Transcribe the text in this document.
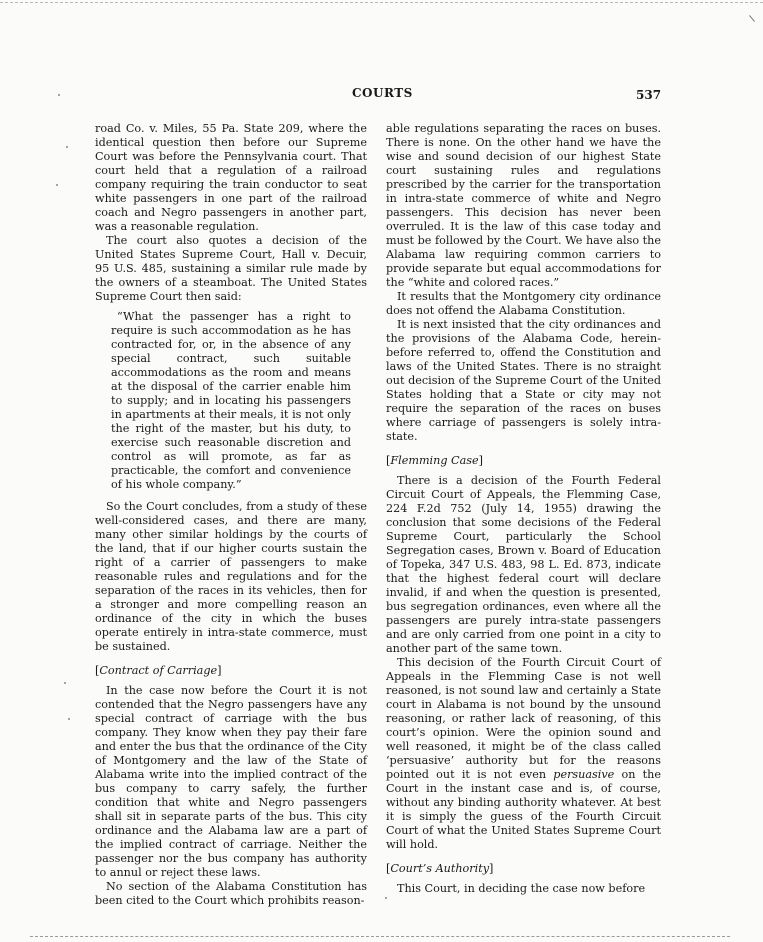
COURTS	537

road Co. v. Miles, 55 Pa. State 209, where the identical question then before our Supreme Court was before the Pennsylvania court. That court held that a regulation of a railroad company requiring the train conductor to seat white passengers in one part of the railroad coach and Negro passengers in another part, was a reasonable regulation.

The court also quotes a decision of the United States Supreme Court, Hall v. Decuir, 95 U.S. 485, sustaining a similar rule made by the owners of a steamboat. The United States Supreme Court then said:

“What the passenger has a right to require is such accommodation as he has contracted for, or, in the absence of any special contract, such suitable accommodations as the room and means at the disposal of the carrier enable him to supply; and in locating his passengers in apartments at their meals, it is not only the right of the master, but his duty, to exercise such reasonable discretion and control as will promote, as far as practicable, the comfort and convenience of his whole company.”

So the Court concludes, from a study of these well-considered cases, and there are many, many other similar holdings by the courts of the land, that if our higher courts sustain the right of a carrier of passengers to make reasonable rules and regulations and for the separation of the races in its vehicles, then for a stronger and more compelling reason an ordinance of the city in which the buses operate entirely in intra-state commerce, must be sustained.

[Contract of Carriage]

In the case now before the Court it is not contended that the Negro passengers have any special contract of carriage with the bus company. They know when they pay their fare and enter the bus that the ordinance of the City of Montgomery and the law of the State of Alabama write into the implied contract of the bus company to carry safely, the further condition that white and Negro passengers shall sit in separate parts of the bus. This city ordinance and the Alabama law are a part of the implied contract of carriage. Neither the passenger nor the bus company has authority to annul or reject these laws.

No section of the Alabama Constitution has been cited to the Court which prohibits reason-

able regulations separating the races on buses. There is none. On the other hand we have the wise and sound decision of our highest State court sustaining rules and regulations prescribed by the carrier for the transportation in intra-state commerce of white and Negro passengers. This decision has never been overruled. It is the law of this case today and must be followed by the Court. We have also the Alabama law requiring common carriers to provide separate but equal accommodations for the “white and colored races.”

It results that the Montgomery city ordinance does not offend the Alabama Constitution.

It is next insisted that the city ordinances and the provisions of the Alabama Code, herein-before referred to, offend the Constitution and laws of the United States. There is no straight out decision of the Supreme Court of the United States holding that a State or city may not require the separation of the races on buses where carriage of passengers is solely intra-state.

[Flemming Case]

There is a decision of the Fourth Federal Circuit Court of Appeals, the Flemming Case, 224 F.2d 752 (July 14, 1955) drawing the conclusion that some decisions of the Federal Supreme Court, particularly the School Segregation cases, Brown v. Board of Education of Topeka, 347 U.S. 483, 98 L. Ed. 873, indicate that the highest federal court will declare invalid, if and when the question is presented, bus segregation ordinances, even where all the passengers are purely intra-state passengers and are only carried from one point in a city to another part of the same town.

This decision of the Fourth Circuit Court of Appeals in the Flemming Case is not well reasoned, is not sound law and certainly a State court in Alabama is not bound by the unsound reasoning, or rather lack of reasoning, of this court’s opinion. Were the opinion sound and well reasoned, it might be of the class called ‘persuasive’ authority but for the reasons pointed out it is not even persuasive on the Court in the instant case and is, of course, without any binding authority whatever. At best it is simply the guess of the Fourth Circuit Court of what the United States Supreme Court will hold.

[Court’s Authority]

This Court, in deciding the case now before
